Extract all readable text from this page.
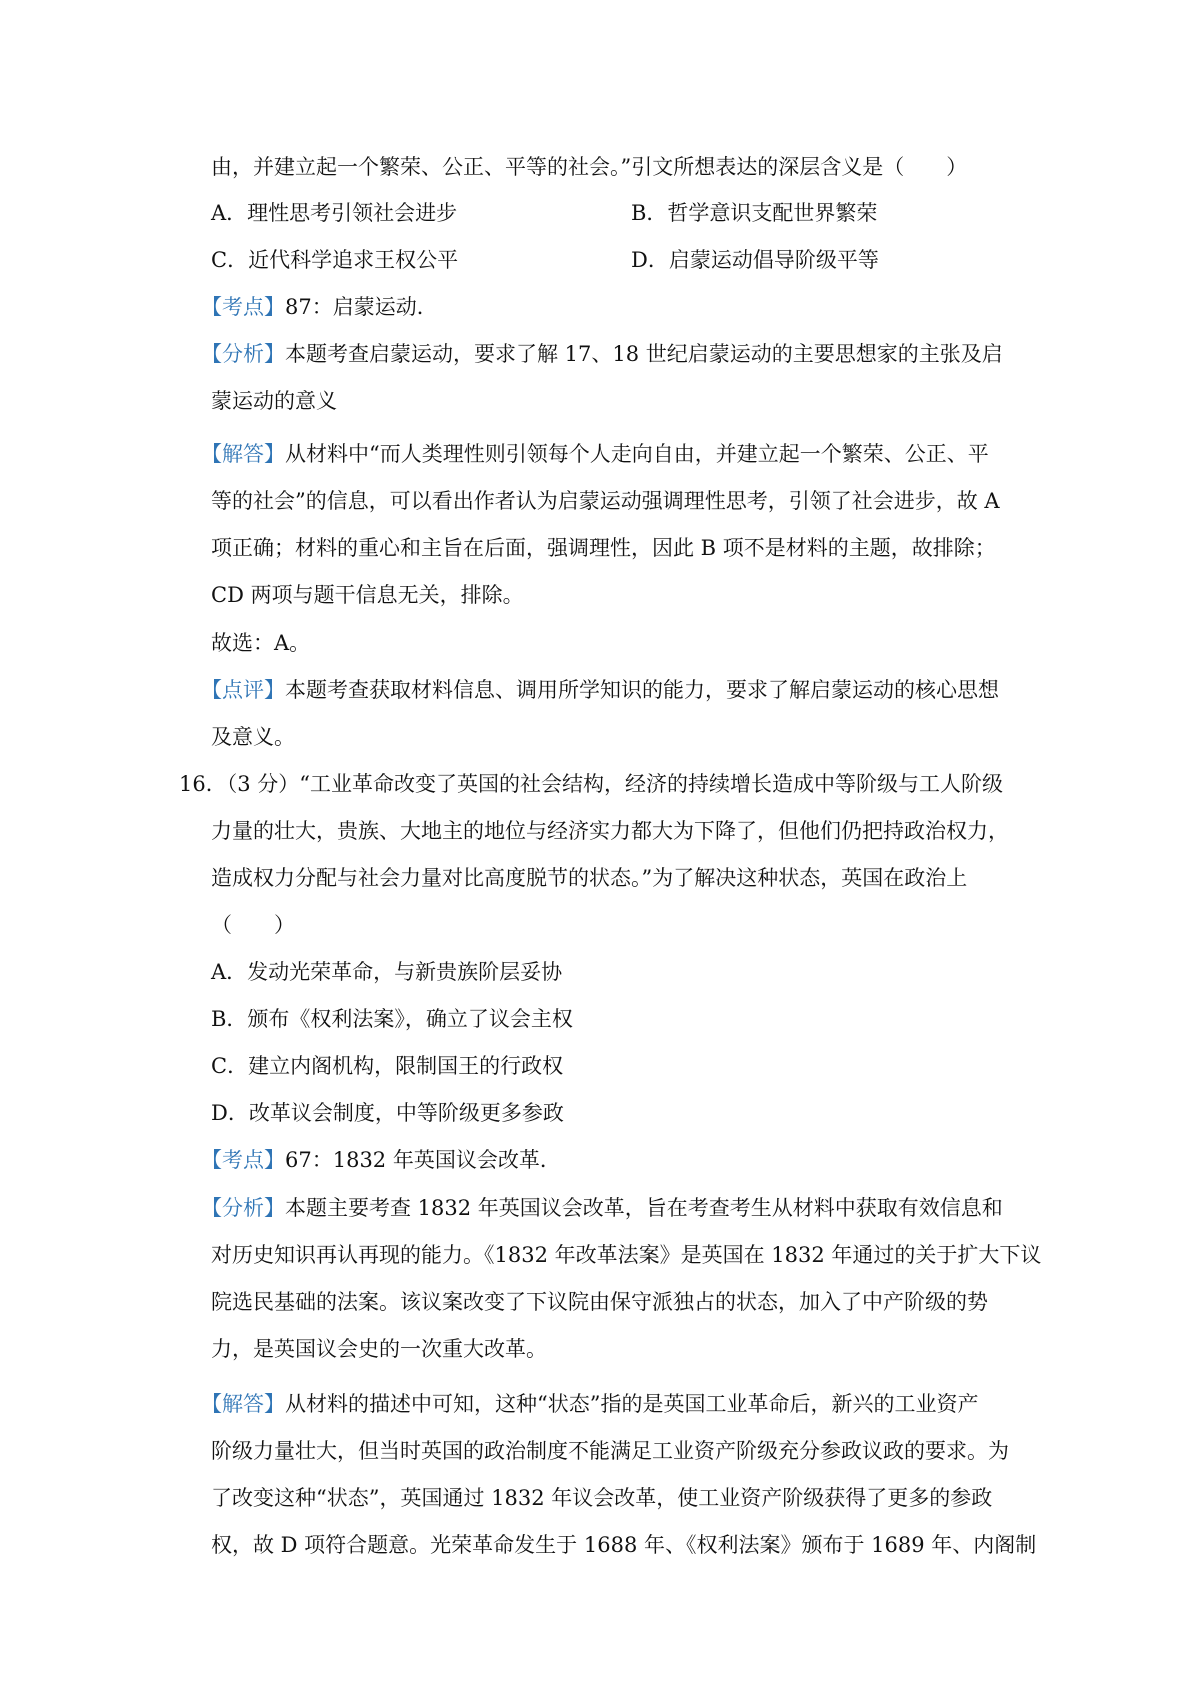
由，并建立起一个繁荣、公正、平等的社会。”引文所想表达的深层含义是（　　）
A．理性思考引领社会进步	B．哲学意识支配世界繁荣
C．近代科学追求王权公平	D．启蒙运动倡导阶级平等
【考点】87：启蒙运动．
【分析】本题考查启蒙运动，要求了解 17、18 世纪启蒙运动的主要思想家的主张及启
蒙运动的意义
【解答】从材料中“而人类理性则引领每个人走向自由，并建立起一个繁荣、公正、平
等的社会”的信息，可以看出作者认为启蒙运动强调理性思考，引领了社会进步，故 A
项正确；材料的重心和主旨在后面，强调理性，因此 B 项不是材料的主题，故排除；
CD 两项与题干信息无关，排除。
故选：A。
【点评】本题考查获取材料信息、调用所学知识的能力，要求了解启蒙运动的核心思想
及意义。
16．（3 分）“工业革命改变了英国的社会结构，经济的持续增长造成中等阶级与工人阶级
力量的壮大，贵族、大地主的地位与经济实力都大为下降了，但他们仍把持政治权力，
造成权力分配与社会力量对比高度脱节的状态。”为了解决这种状态，英国在政治上
（　　）
A．发动光荣革命，与新贵族阶层妥协
B．颁布《权利法案》，确立了议会主权
C．建立内阁机构，限制国王的行政权
D．改革议会制度，中等阶级更多参政
【考点】67：1832 年英国议会改革．
【分析】本题主要考查 1832 年英国议会改革，旨在考查考生从材料中获取有效信息和
对历史知识再认再现的能力。《1832 年改革法案》是英国在 1832 年通过的关于扩大下议
院选民基础的法案。该议案改变了下议院由保守派独占的状态，加入了中产阶级的势
力，是英国议会史的一次重大改革。
【解答】从材料的描述中可知，这种“状态”指的是英国工业革命后，新兴的工业资产
阶级力量壮大，但当时英国的政治制度不能满足工业资产阶级充分参政议政的要求。为
了改变这种“状态”，英国通过 1832 年议会改革，使工业资产阶级获得了更多的参政
权，故 D 项符合题意。光荣革命发生于 1688 年、《权利法案》颁布于 1689 年、内阁制
